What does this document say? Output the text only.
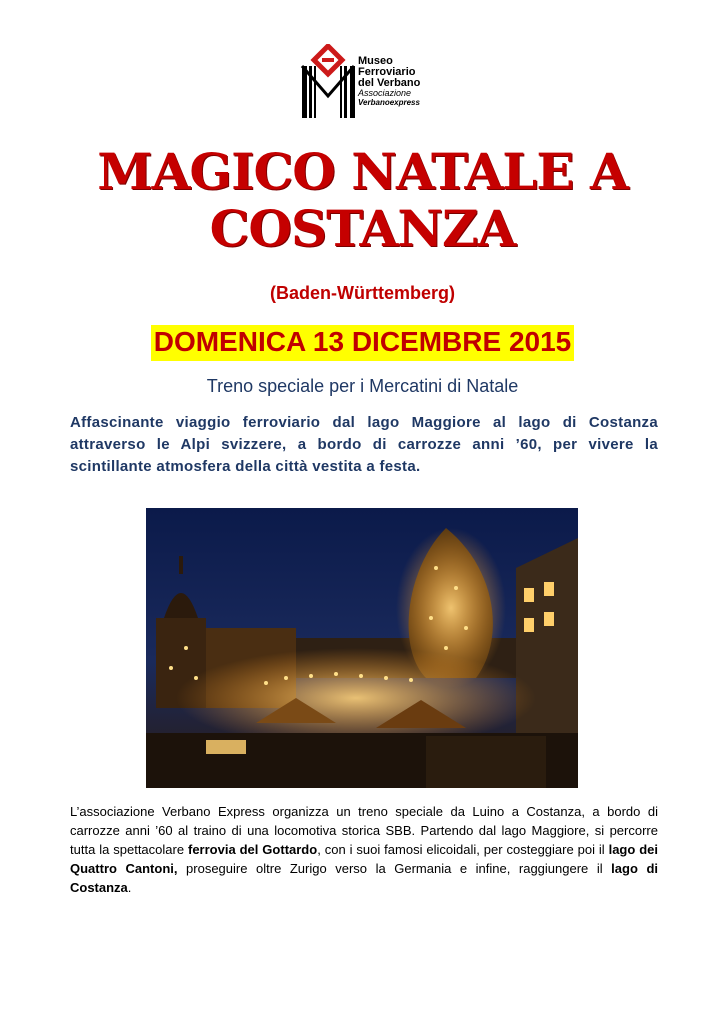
Museo
Ferroviario
del Verbano
Associazione
Verbanoexpress
MAGICO NATALE A
COSTANZA
(Baden-Württemberg)
DOMENICA 13 DICEMBRE 2015
Treno speciale per i Mercatini di Natale
Affascinante viaggio ferroviario dal lago Maggiore al lago di Costanza attraverso le Alpi svizzere, a bordo di carrozze anni ’60, per vivere la scintillante atmosfera della città vestita a festa.
L’associazione Verbano Express organizza un treno speciale da Luino a Costanza, a bordo di carrozze anni ’60 al traino di una locomotiva storica SBB. Partendo dal lago Maggiore, si percorre tutta la spettacolare ferrovia del Gottardo, con i suoi famosi elicoidali, per costeggiare poi il lago dei Quattro Cantoni, proseguire oltre Zurigo verso la Germania e infine, raggiungere il lago di Costanza.
